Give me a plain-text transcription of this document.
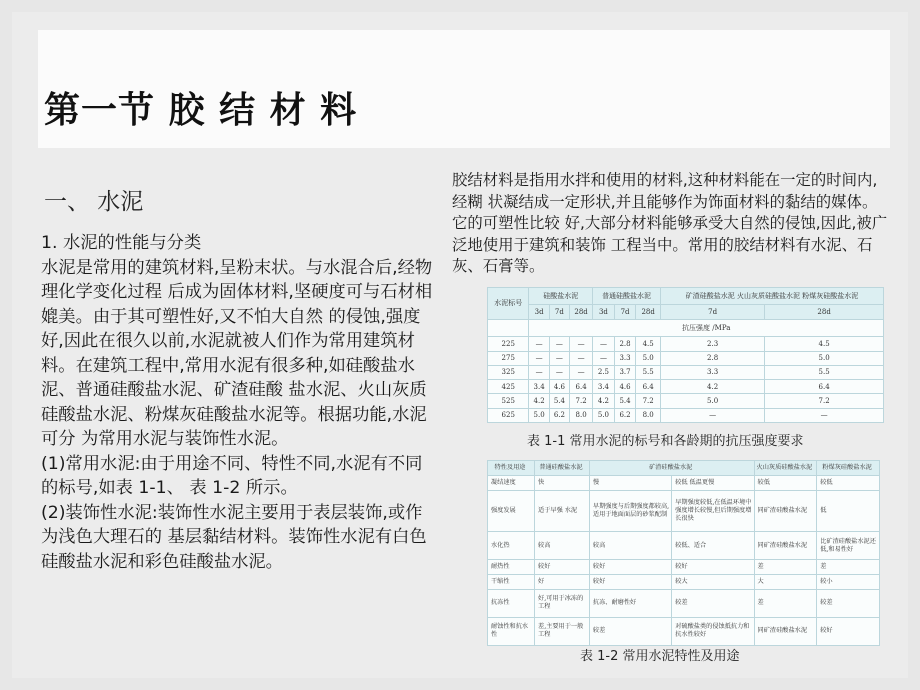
第一节 胶 结 材 料
一、 水泥

1. 水泥的性能与分类

水泥是常用的建筑材料,呈粉末状。与水混合后,经物理化学变化过程 后成为固体材料,坚硬度可与石材相媲美。由于其可塑性好,又不怕大自然 的侵蚀,强度好,因此在很久以前,水泥就被人们作为常用建筑材料。在建筑工程中,常用水泥有很多种,如硅酸盐水泥、普通硅酸盐水泥、矿渣硅酸 盐水泥、火山灰质硅酸盐水泥、粉煤灰硅酸盐水泥等。根据功能,水泥可分 为常用水泥与装饰性水泥。

(1)常用水泥:由于用途不同、特性不同,水泥有不同的标号,如表 1-1、 表 1-2 所示。

(2)装饰性水泥:装饰性水泥主要用于表层装饰,或作为浅色大理石的 基层黏结材料。装饰性水泥有白色硅酸盐水泥和彩色硅酸盐水泥。

胶结材料是指用水拌和使用的材料,这种材料能在一定的时间内,经糊 状凝结成一定形状,并且能够作为饰面材料的黏结的媒体。它的可塑性比较 好,大部分材料能够承受大自然的侵蚀,因此,被广泛地使用于建筑和装饰 工程当中。常用的胶结材料有水泥、石灰、石膏等。
水泥标号	硅酸盐水泥			普通硅酸盐水泥			矿渣硅酸盐水泥 火山灰质硅酸盐水泥 粉煤灰硅酸盐水泥	
	3d	7d	28d	3d	7d	28d	7d	28d
	抗压强度 /MPa							
225	—	—	—	—	2.8	4.5	2.3	4.5
275	—	—	—	—	3.3	5.0	2.8	5.0
325	—	—	—	2.5	3.7	5.5	3.3	5.5
425	3.4	4.6	6.4	3.4	4.6	6.4	4.2	6.4
525	4.2	5.4	7.2	4.2	5.4	7.2	5.0	7.2
625	5.0	6.2	8.0	5.0	6.2	8.0	—	—
表 1-1 常用水泥的标号和各龄期的抗压强度要求
特性及用途	普通硅酸盐水泥	矿渣硅酸盐水泥		火山灰质硅酸盐水泥	粉煤灰硅酸盐水泥
凝结速度	快	慢	较低 低温更慢	较低	较低
强度发展	适于早强 水泥	早期强度与后期强度都较高,适用于地面面层的砂浆配制	早期强度较低,在低温环境中强度增长较慢,但后期强度增长很快	同矿渣硅酸盐水泥	低
水化热	较高	较高	较低、适合	同矿渣硅酸盐水泥	比矿渣硅酸盐水泥还低,和易性好
耐热性	较好	较好	较好	差	差
干缩性	好	较好	较大	大	较小
抗冻性	好,可用于冰冻的工程	抗冻、耐磨性好	较差	差	较差
耐蚀性和抗水性	差,主要用于一般工程	较差	对硫酸盐类的侵蚀抵抗力和抗水性较好	同矿渣硅酸盐水泥	较好
表 1-2 常用水泥特性及用途
